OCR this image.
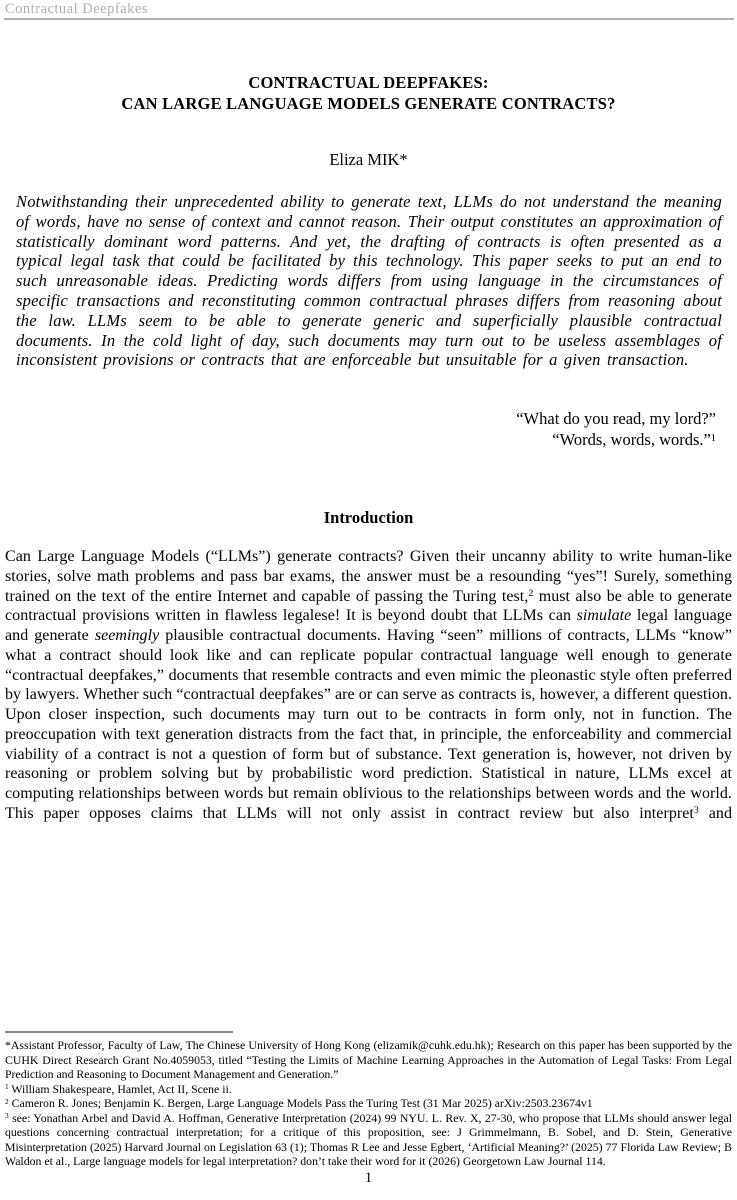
Contractual Deepfakes
CONTRACTUAL DEEPFAKES:
CAN LARGE LANGUAGE MODELS GENERATE CONTRACTS?
Eliza MIK*

Notwithstanding their unprecedented ability to generate text, LLMs do not understand the meaning of words, have no sense of context and cannot reason. Their output constitutes an approximation of statistically dominant word patterns. And yet, the drafting of contracts is often presented as a typical legal task that could be facilitated by this technology. This paper seeks to put an end to such unreasonable ideas. Predicting words differs from using language in the circumstances of specific transactions and reconstituting common contractual phrases differs from reasoning about the law. LLMs seem to be able to generate generic and superficially plausible contractual documents. In the cold light of day, such documents may turn out to be useless assemblages of inconsistent provisions or contracts that are enforceable but unsuitable for a given transaction.

“What do you read, my lord?”
“Words, words, words.”$^1$
Introduction

Can Large Language Models (“LLMs”) generate contracts? Given their uncanny ability to write human-like stories, solve math problems and pass bar exams, the answer must be a resounding “yes”! Surely, something trained on the text of the entire Internet and capable of passing the Turing test,$^2$ must also be able to generate contractual provisions written in flawless legalese! It is beyond doubt that LLMs can simulate legal language and generate seemingly plausible contractual documents. Having “seen” millions of contracts, LLMs “know” what a contract should look like and can replicate popular contractual language well enough to generate “contractual deepfakes,” documents that resemble contracts and even mimic the pleonastic style often preferred by lawyers. Whether such “contractual deepfakes” are or can serve as contracts is, however, a different question. Upon closer inspection, such documents may turn out to be contracts in form only, not in function. The preoccupation with text generation distracts from the fact that, in principle, the enforceability and commercial viability of a contract is not a question of form but of substance. Text generation is, however, not driven by reasoning or problem solving but by probabilistic word prediction. Statistical in nature, LLMs excel at computing relationships between words but remain oblivious to the relationships between words and the world. This paper opposes claims that LLMs will not only assist in contract review but also interpret$^3$ and

*Assistant Professor, Faculty of Law, The Chinese University of Hong Kong (elizamik@cuhk.edu.hk); Research on this paper has been supported by the CUHK Direct Research Grant No.4059053, titled “Testing the Limits of Machine Learning Approaches in the Automation of Legal Tasks: From Legal Prediction and Reasoning to Document Management and Generation.”

$^1$ William Shakespeare, Hamlet, Act II, Scene ii.

$^2$ Cameron R. Jones; Benjamin K. Bergen, Large Language Models Pass the Turing Test (31 Mar 2025) arXiv:2503.23674v1

$^3$ see: Yonathan Arbel and David A. Hoffman, Generative Interpretation (2024) 99 NYU. L. Rev. X, 27-30, who propose that LLMs should answer legal questions concerning contractual interpretation; for a critique of this proposition, see: J Grimmelmann, B. Sobel, and D. Stein, Generative Misinterpretation (2025) Harvard Journal on Legislation 63 (1); Thomas R Lee and Jesse Egbert, ‘Artificial Meaning?’ (2025) 77 Florida Law Review; B Waldon et al., Large language models for legal interpretation? don’t take their word for it (2026) Georgetown Law Journal 114.

1
